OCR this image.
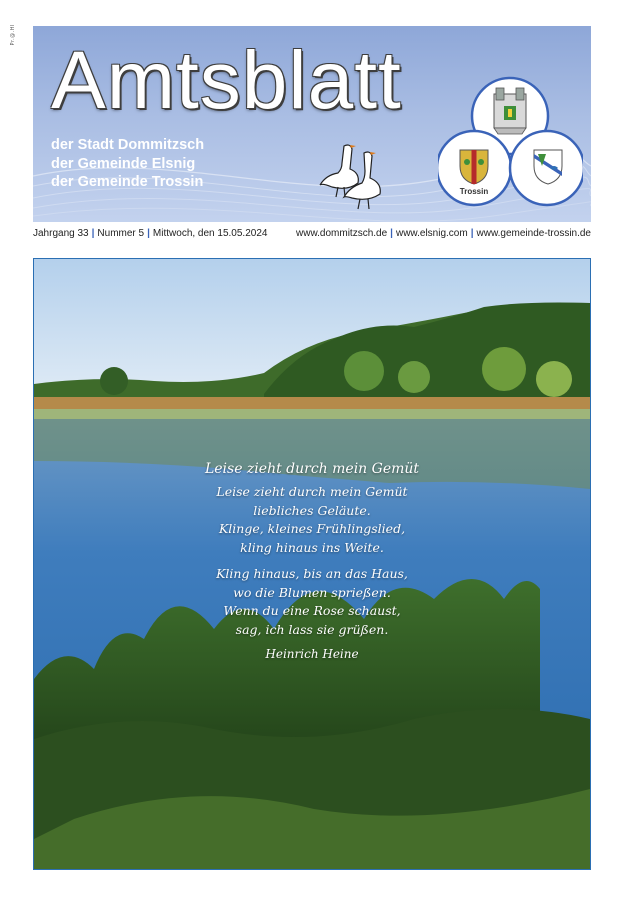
Pr.@.HI
Amtsblatt
der Stadt Dommitzsch
der Gemeinde Elsnig
der Gemeinde Trossin
Trossin
Jahrgang 33 | Nummer 5 | Mittwoch, den 15.05.2024	www.dommitzsch.de | www.elsnig.com | www.gemeinde-trossin.de
Leise zieht durch mein Gemüt
Leise zieht durch mein Gemüt
liebliches Geläute.
Klinge, kleines Frühlingslied,
kling hinaus ins Weite.
Kling hinaus, bis an das Haus,
wo die Blumen sprießen.
Wenn du eine Rose schaust,
sag, ich lass sie grüßen.
Heinrich Heine
